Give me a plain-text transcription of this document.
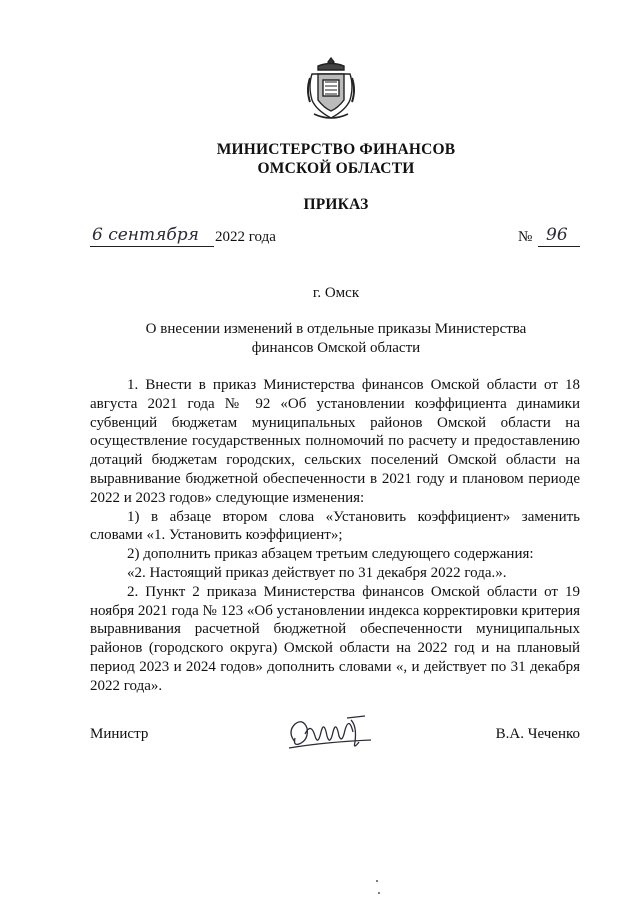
МИНИСТЕРСТВО ФИНАНСОВ
ОМСКОЙ ОБЛАСТИ
ПРИКАЗ
6 сентября 2022 года	№ 96
г. Омск
О внесении изменений в отдельные приказы Министерства
финансов Омской области

1. Внести в приказ Министерства финансов Омской области от 18 августа 2021 года № 92 «Об установлении коэффициента динамики субвенций бюджетам муниципальных районов Омской области на осуществление государственных полномочий по расчету и предоставлению дотаций бюджетам городских, сельских поселений Омской области на выравнивание бюджетной обеспеченности в 2021 году и плановом периоде 2022 и 2023 годов» следующие изменения:

1) в абзаце втором слова «Установить коэффициент» заменить словами «1. Установить коэффициент»;

2) дополнить приказ абзацем третьим следующего содержания:

«2. Настоящий приказ действует по 31 декабря 2022 года.».

2. Пункт 2 приказа Министерства финансов Омской области от 19 ноября 2021 года № 123 «Об установлении индекса корректировки критерия выравнивания расчетной бюджетной обеспеченности муниципальных районов (городского округа) Омской области на 2022 год и на плановый период 2023 и 2024 годов» дополнить словами «, и действует по 31 декабря 2022 года».

Министр	В.А. Чеченко
